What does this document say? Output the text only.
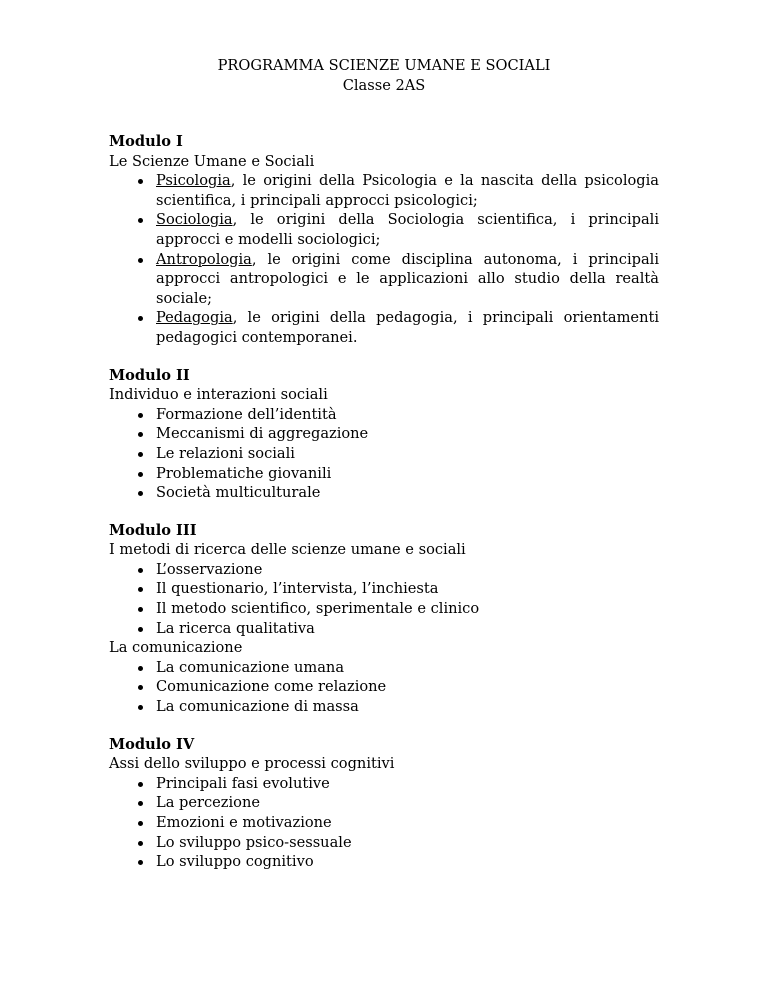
PROGRAMMA SCIENZE UMANE E SOCIALI
Classe 2AS
Modulo I
Le Scienze Umane e Sociali
Psicologia, le origini della Psicologia e la nascita della psicologia scientifica, i principali approcci psicologici;
Sociologia, le origini della Sociologia scientifica, i principali approcci e modelli sociologici;
Antropologia, le origini come disciplina autonoma, i principali approcci antropologici e le applicazioni allo studio della realtà sociale;
Pedagogia, le origini della pedagogia, i principali orientamenti pedagogici contemporanei.
Modulo II
Individuo e interazioni sociali
Formazione dell’identità
Meccanismi di aggregazione
Le relazioni sociali
Problematiche giovanili
Società multiculturale
Modulo III
I metodi di ricerca delle scienze umane e sociali
L’osservazione
Il questionario, l’intervista, l’inchiesta
Il metodo scientifico, sperimentale e clinico
La ricerca qualitativa
La comunicazione
La comunicazione umana
Comunicazione come relazione
La comunicazione di massa
Modulo IV
Assi dello sviluppo e processi cognitivi
Principali fasi evolutive
La percezione
Emozioni e motivazione
Lo sviluppo psico-sessuale
Lo sviluppo cognitivo
